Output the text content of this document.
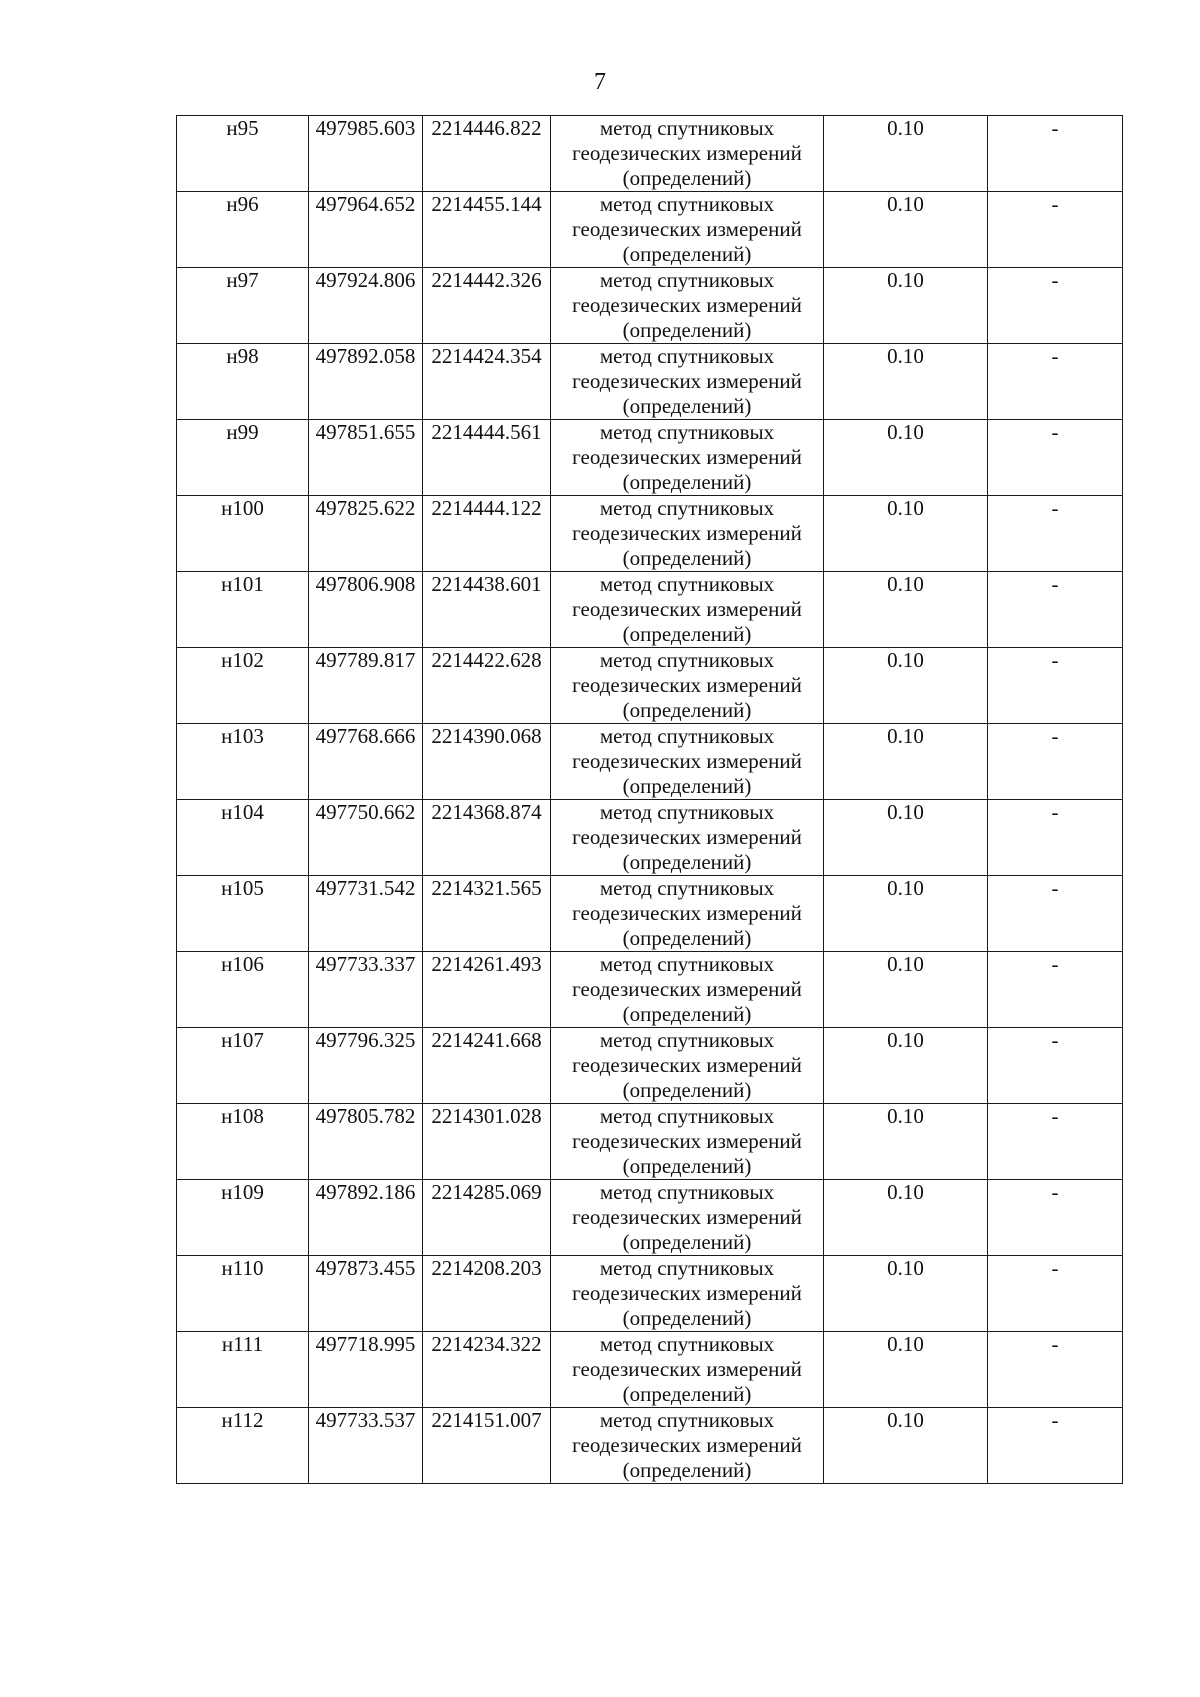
7
н95	497985.603	2214446.822	метод спутниковых
геодезических измерений
(определений)	0.10	-
н96	497964.652	2214455.144	метод спутниковых
геодезических измерений
(определений)	0.10	-
н97	497924.806	2214442.326	метод спутниковых
геодезических измерений
(определений)	0.10	-
н98	497892.058	2214424.354	метод спутниковых
геодезических измерений
(определений)	0.10	-
н99	497851.655	2214444.561	метод спутниковых
геодезических измерений
(определений)	0.10	-
н100	497825.622	2214444.122	метод спутниковых
геодезических измерений
(определений)	0.10	-
н101	497806.908	2214438.601	метод спутниковых
геодезических измерений
(определений)	0.10	-
н102	497789.817	2214422.628	метод спутниковых
геодезических измерений
(определений)	0.10	-
н103	497768.666	2214390.068	метод спутниковых
геодезических измерений
(определений)	0.10	-
н104	497750.662	2214368.874	метод спутниковых
геодезических измерений
(определений)	0.10	-
н105	497731.542	2214321.565	метод спутниковых
геодезических измерений
(определений)	0.10	-
н106	497733.337	2214261.493	метод спутниковых
геодезических измерений
(определений)	0.10	-
н107	497796.325	2214241.668	метод спутниковых
геодезических измерений
(определений)	0.10	-
н108	497805.782	2214301.028	метод спутниковых
геодезических измерений
(определений)	0.10	-
н109	497892.186	2214285.069	метод спутниковых
геодезических измерений
(определений)	0.10	-
н110	497873.455	2214208.203	метод спутниковых
геодезических измерений
(определений)	0.10	-
н111	497718.995	2214234.322	метод спутниковых
геодезических измерений
(определений)	0.10	-
н112	497733.537	2214151.007	метод спутниковых
геодезических измерений
(определений)	0.10	-
